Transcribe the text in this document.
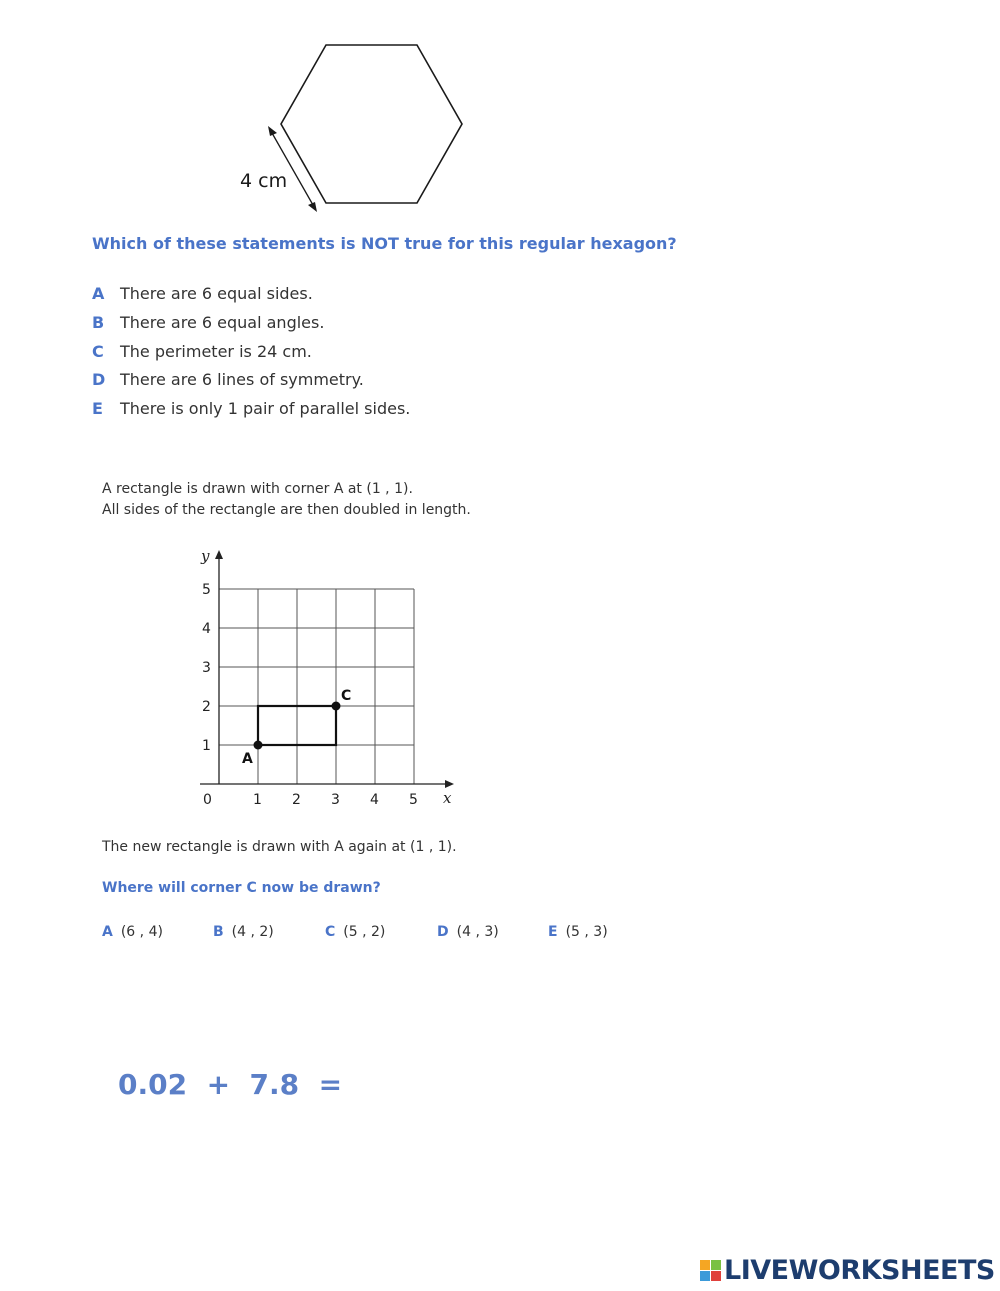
4 cm
Which of these statements is NOT true for this regular hexagon?
A There are 6 equal sides.
B There are 6 equal angles.
C The perimeter is 24 cm.
D There are 6 lines of symmetry.
E There is only 1 pair of parallel sides.
A rectangle is drawn with corner A at (1 , 1).
All sides of the rectangle are then doubled in length.
y
x
0	1 2 3 4 5
1
2
3
4
5
A
C
The new rectangle is drawn with A again at (1 , 1).
Where will corner C now be drawn?
A (6 , 4)	B (4 , 2)	C (5 , 2)	D (4 , 3)	E (5 , 3)
0.02  +  7.8  =
LIVEWORKSHEETS
